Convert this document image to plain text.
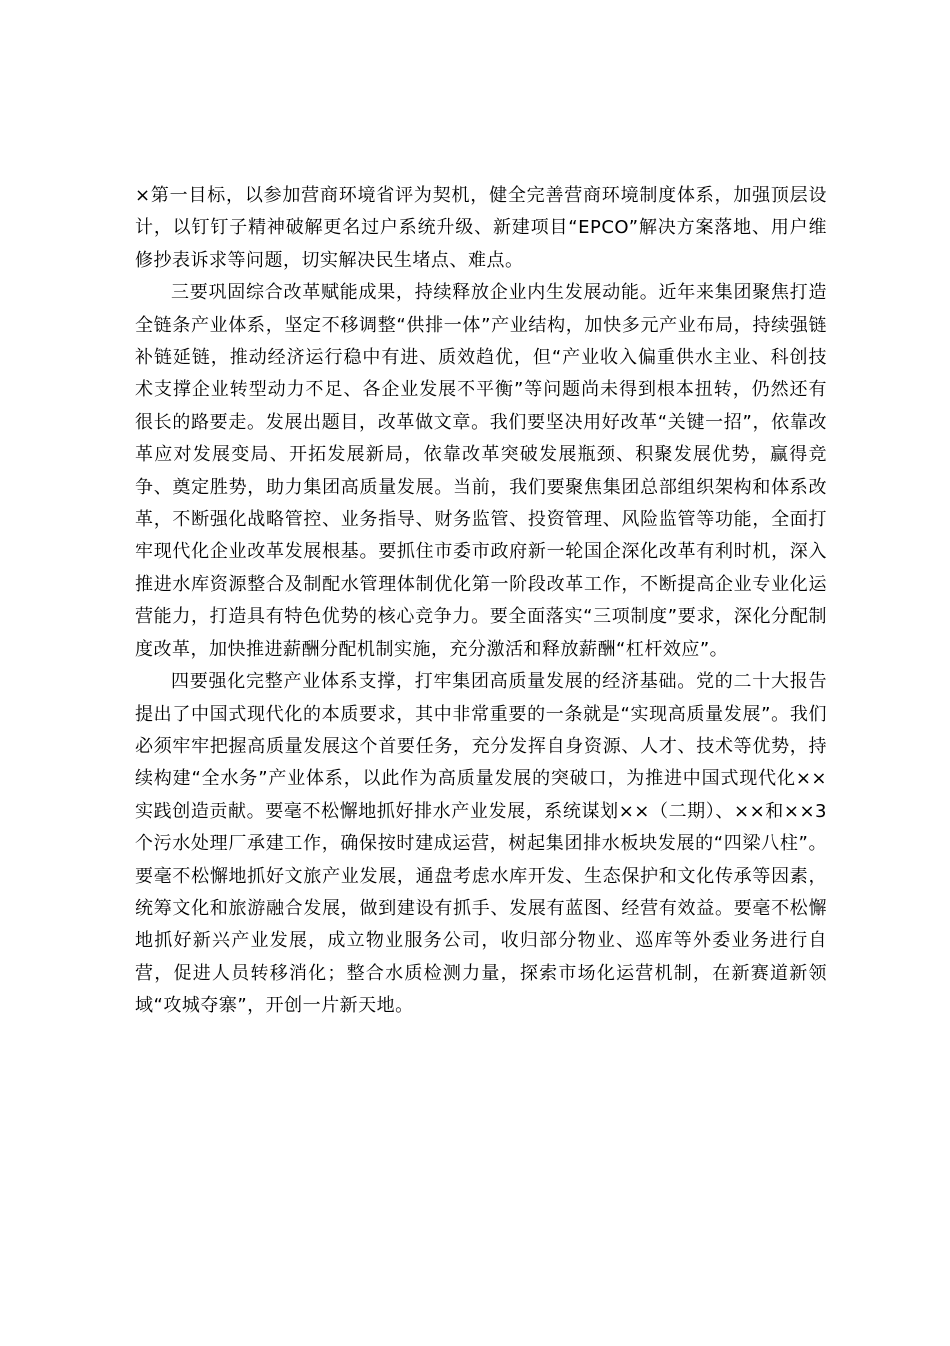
×第一目标，以参加营商环境省评为契机，健全完善营商环境制度体系，加强顶层设计，以钉钉子精神破解更名过户系统升级、新建项目“EPCO”解决方案落地、用户维修抄表诉求等问题，切实解决民生堵点、难点。

三要巩固综合改革赋能成果，持续释放企业内生发展动能。近年来集团聚焦打造全链条产业体系，坚定不移调整“供排一体”产业结构，加快多元产业布局，持续强链补链延链，推动经济运行稳中有进、质效趋优，但“产业收入偏重供水主业、科创技术支撑企业转型动力不足、各企业发展不平衡”等问题尚未得到根本扭转，仍然还有很长的路要走。发展出题目，改革做文章。我们要坚决用好改革“关键一招”，依靠改革应对发展变局、开拓发展新局，依靠改革突破发展瓶颈、积聚发展优势，赢得竞争、奠定胜势，助力集团高质量发展。当前，我们要聚焦集团总部组织架构和体系改革，不断强化战略管控、业务指导、财务监管、投资管理、风险监管等功能，全面打牢现代化企业改革发展根基。要抓住市委市政府新一轮国企深化改革有利时机，深入推进水库资源整合及制配水管理体制优化第一阶段改革工作，不断提高企业专业化运营能力，打造具有特色优势的核心竞争力。要全面落实“三项制度”要求，深化分配制度改革，加快推进薪酬分配机制实施，充分激活和释放薪酬“杠杆效应”。

四要强化完整产业体系支撑，打牢集团高质量发展的经济基础。党的二十大报告提出了中国式现代化的本质要求，其中非常重要的一条就是“实现高质量发展”。我们必须牢牢把握高质量发展这个首要任务，充分发挥自身资源、人才、技术等优势，持续构建“全水务”产业体系，以此作为高质量发展的突破口，为推进中国式现代化××实践创造贡献。要毫不松懈地抓好排水产业发展，系统谋划××（二期）、××和××3 个污水处理厂承建工作，确保按时建成运营，树起集团排水板块发展的“四梁八柱”。要毫不松懈地抓好文旅产业发展，通盘考虑水库开发、生态保护和文化传承等因素，统筹文化和旅游融合发展，做到建设有抓手、发展有蓝图、经营有效益。要毫不松懈地抓好新兴产业发展，成立物业服务公司，收归部分物业、巡库等外委业务进行自营，促进人员转移消化；整合水质检测力量，探索市场化运营机制，在新赛道新领域“攻城夺寨”，开创一片新天地。
